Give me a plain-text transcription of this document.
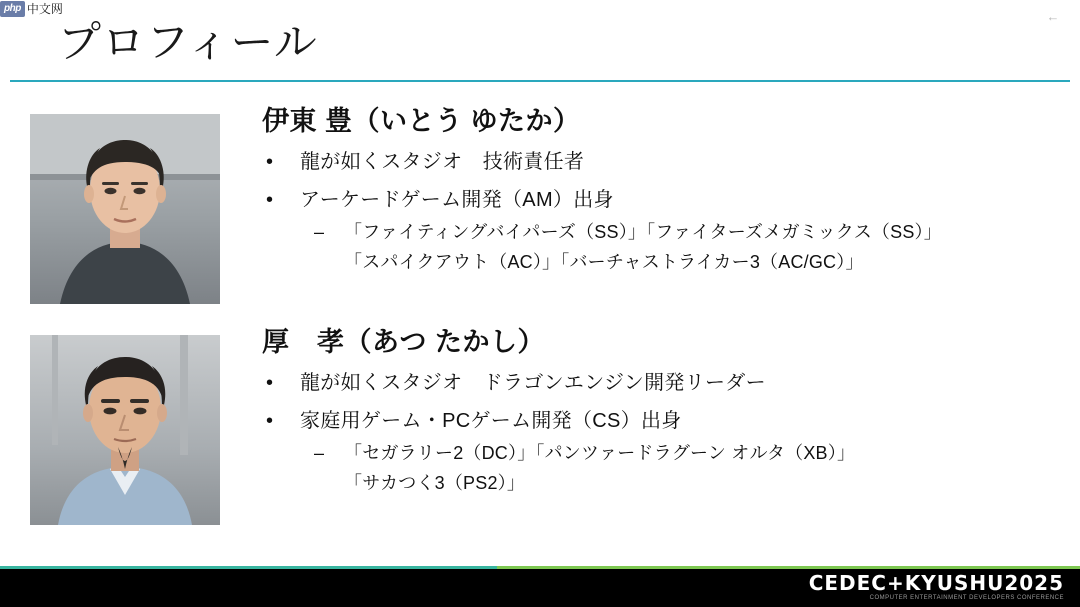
php 中文网	←
プロフィール
伊東 豊（いとう ゆたか）
• 龍が如くスタジオ　技術責任者
• アーケードゲーム開発（AM）出身
– 「ファイティングバイパーズ（SS）」「ファイターズメガミックス（SS）」
「スパイクアウト（AC）」「バーチャストライカー3（AC/GC）」
厚　孝（あつ たかし）
• 龍が如くスタジオ　ドラゴンエンジン開発リーダー
• 家庭用ゲーム・PCゲーム開発（CS）出身
– 「セガラリー2（DC）」「パンツァードラグーン オルタ（XB）」
「サカつく3（PS2）」
CEDEC+KYUSHU2025
COMPUTER ENTERTAINMENT DEVELOPERS CONFERENCE
